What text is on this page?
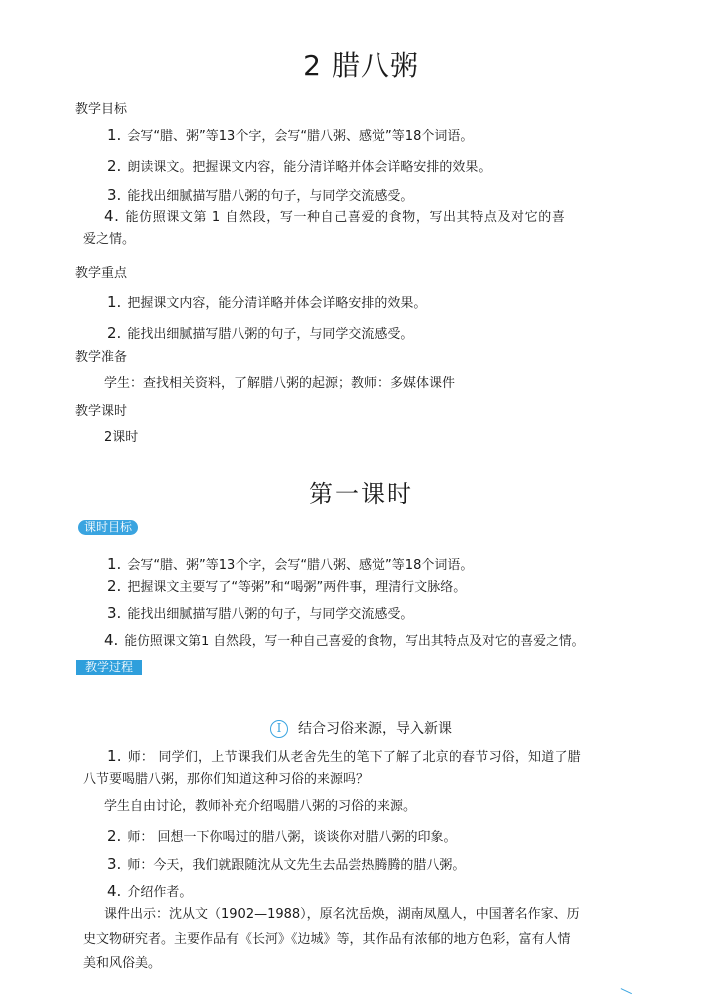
2 腊八粥
教学目标
1. 会写“腊、粥”等13个字，会写“腊八粥、感觉”等18个词语。
2. 朗读课文。把握课文内容，能分清详略并体会详略安排的效果。
3. 能找出细腻描写腊八粥的句子，与同学交流感受。
4. 能仿照课文第 1 自然段，写一种自己喜爱的食物，写出其特点及对它的喜
爱之情。
教学重点
1. 把握课文内容，能分清详略并体会详略安排的效果。
2. 能找出细腻描写腊八粥的句子，与同学交流感受。
教学准备
学生：查找相关资料，了解腊八粥的起源；教师：多媒体课件
教学课时
2课时
第一课时
课时目标
1. 会写“腊、粥”等13个字，会写“腊八粥、感觉”等18个词语。
2. 把握课文主要写了“等粥”和“喝粥”两件事，理清行文脉络。
3. 能找出细腻描写腊八粥的句子，与同学交流感受。
4. 能仿照课文第1 自然段，写一种自己喜爱的食物，写出其特点及对它的喜爱之情。
教学过程
I	结合习俗来源，导入新课
1. 师： 同学们，上节课我们从老舍先生的笔下了解了北京的春节习俗，知道了腊
八节要喝腊八粥，那你们知道这种习俗的来源吗？
学生自由讨论，教师补充介绍喝腊八粥的习俗的来源。
2. 师： 回想一下你喝过的腊八粥，谈谈你对腊八粥的印象。
3. 师：今天，我们就跟随沈从文先生去品尝热腾腾的腊八粥。
4. 介绍作者。
课件出示：沈从文（1902—1988），原名沈岳焕，湖南凤凰人，中国著名作家、历
史文物研究者。主要作品有《长河》《边城》等，其作品有浓郁的地方色彩，富有人情
美和风俗美。
